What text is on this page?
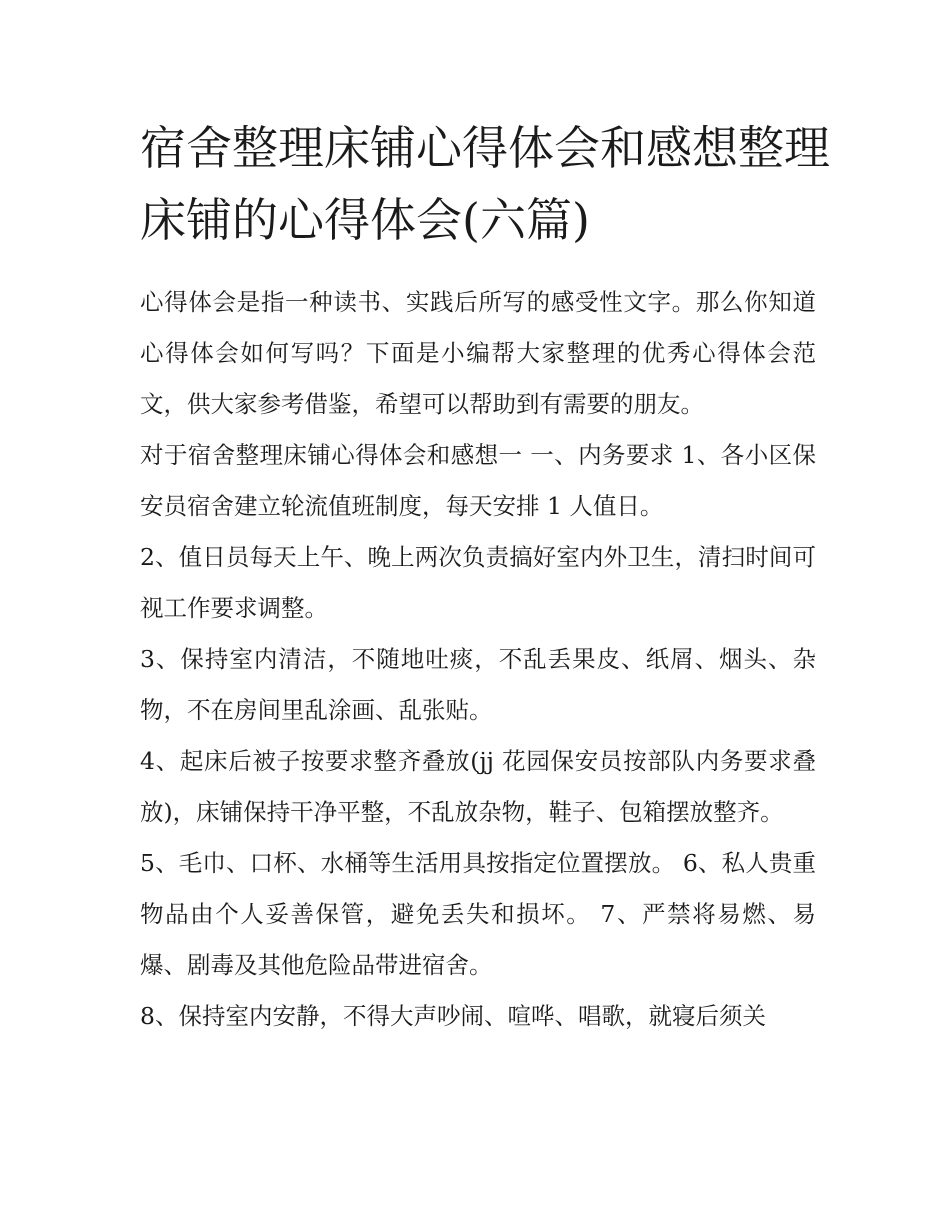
宿舍整理床铺心得体会和感想整理床铺的心得体会(六篇)

心得体会是指一种读书、实践后所写的感受性文字。那么你知道心得体会如何写吗？下面是小编帮大家整理的优秀心得体会范文，供大家参考借鉴，希望可以帮助到有需要的朋友。

对于宿舍整理床铺心得体会和感想一 一、内务要求 1、各小区保安员宿舍建立轮流值班制度，每天安排 1 人值日。

2、值日员每天上午、晚上两次负责搞好室内外卫生，清扫时间可视工作要求调整。

3、保持室内清洁，不随地吐痰，不乱丢果皮、纸屑、烟头、杂物，不在房间里乱涂画、乱张贴。

4、起床后被子按要求整齐叠放(jj 花园保安员按部队内务要求叠放)，床铺保持干净平整，不乱放杂物，鞋子、包箱摆放整齐。

5、毛巾、口杯、水桶等生活用具按指定位置摆放。 6、私人贵重物品由个人妥善保管，避免丢失和损坏。 7、严禁将易燃、易爆、剧毒及其他危险品带进宿舍。

8、保持室内安静，不得大声吵闹、喧哗、唱歌，就寝后须关
